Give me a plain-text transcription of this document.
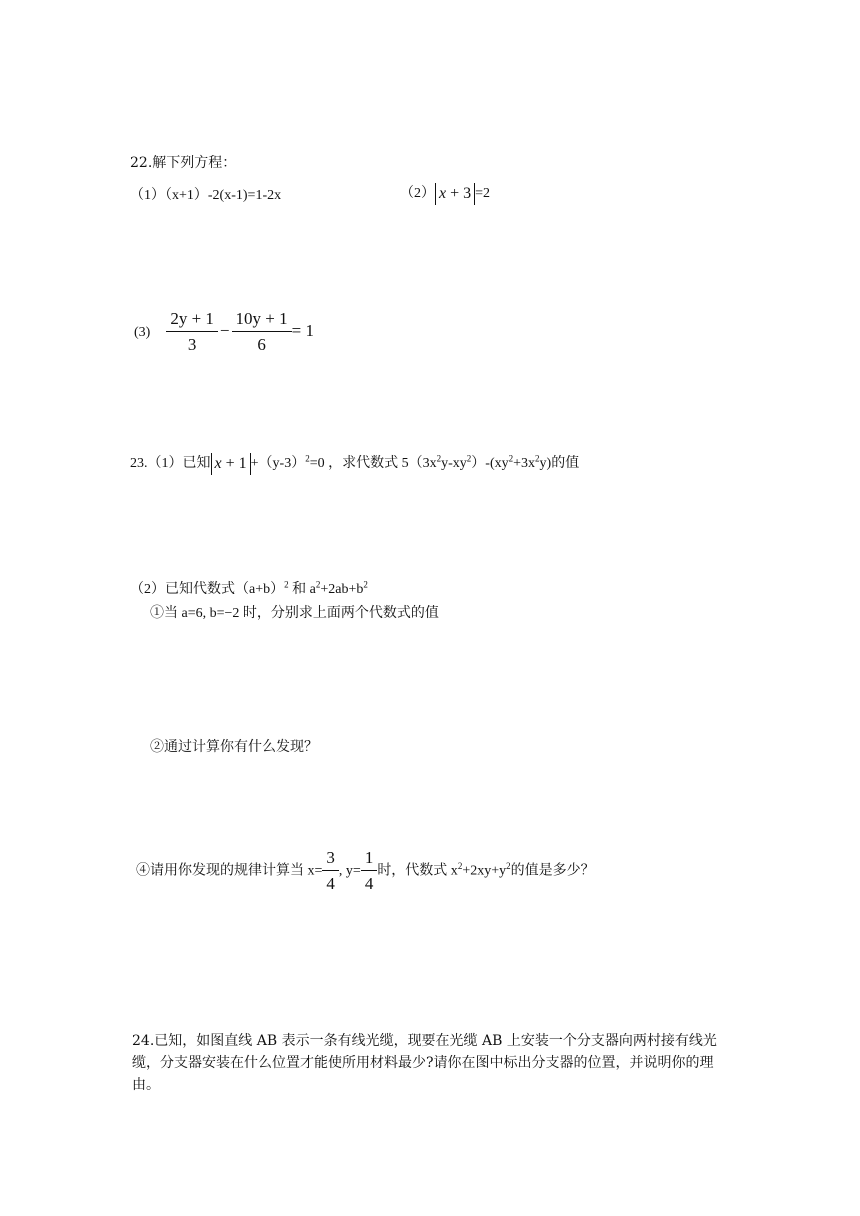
22.解下列方程：
（1）（x+1）-2(x-1)=1-2x	（2） x + 3 =2
$(3) \frac{2y + 1}{3} - \frac{10y + 1}{6} = 1$
23.（1）已知 $x + 1 +(y-3)^2=0$ ，求代数式 $5(3x^2y-xy^2)-(xy^2+3x^2y)$的值
（2）已知代数式$(a+b)^2$ 和 $a^2+2ab+b^2$
①当 a=6, b=−2 时，分别求上面两个代数式的值
②通过计算你有什么发现？
④请用你发现的规律计算当 $x= \frac{3}{4}$ , $y= \frac{1}{4}$ 时，代数式 $x^2+2xy+y^2$的值是多少？
24.已知，如图直线 AB 表示一条有线光缆，现要在光缆 AB 上安装一个分支器向两村接有线光缆，分支器安装在什么位置才能使所用材料最少?请你在图中标出分支器的位置，并说明你的理由。
